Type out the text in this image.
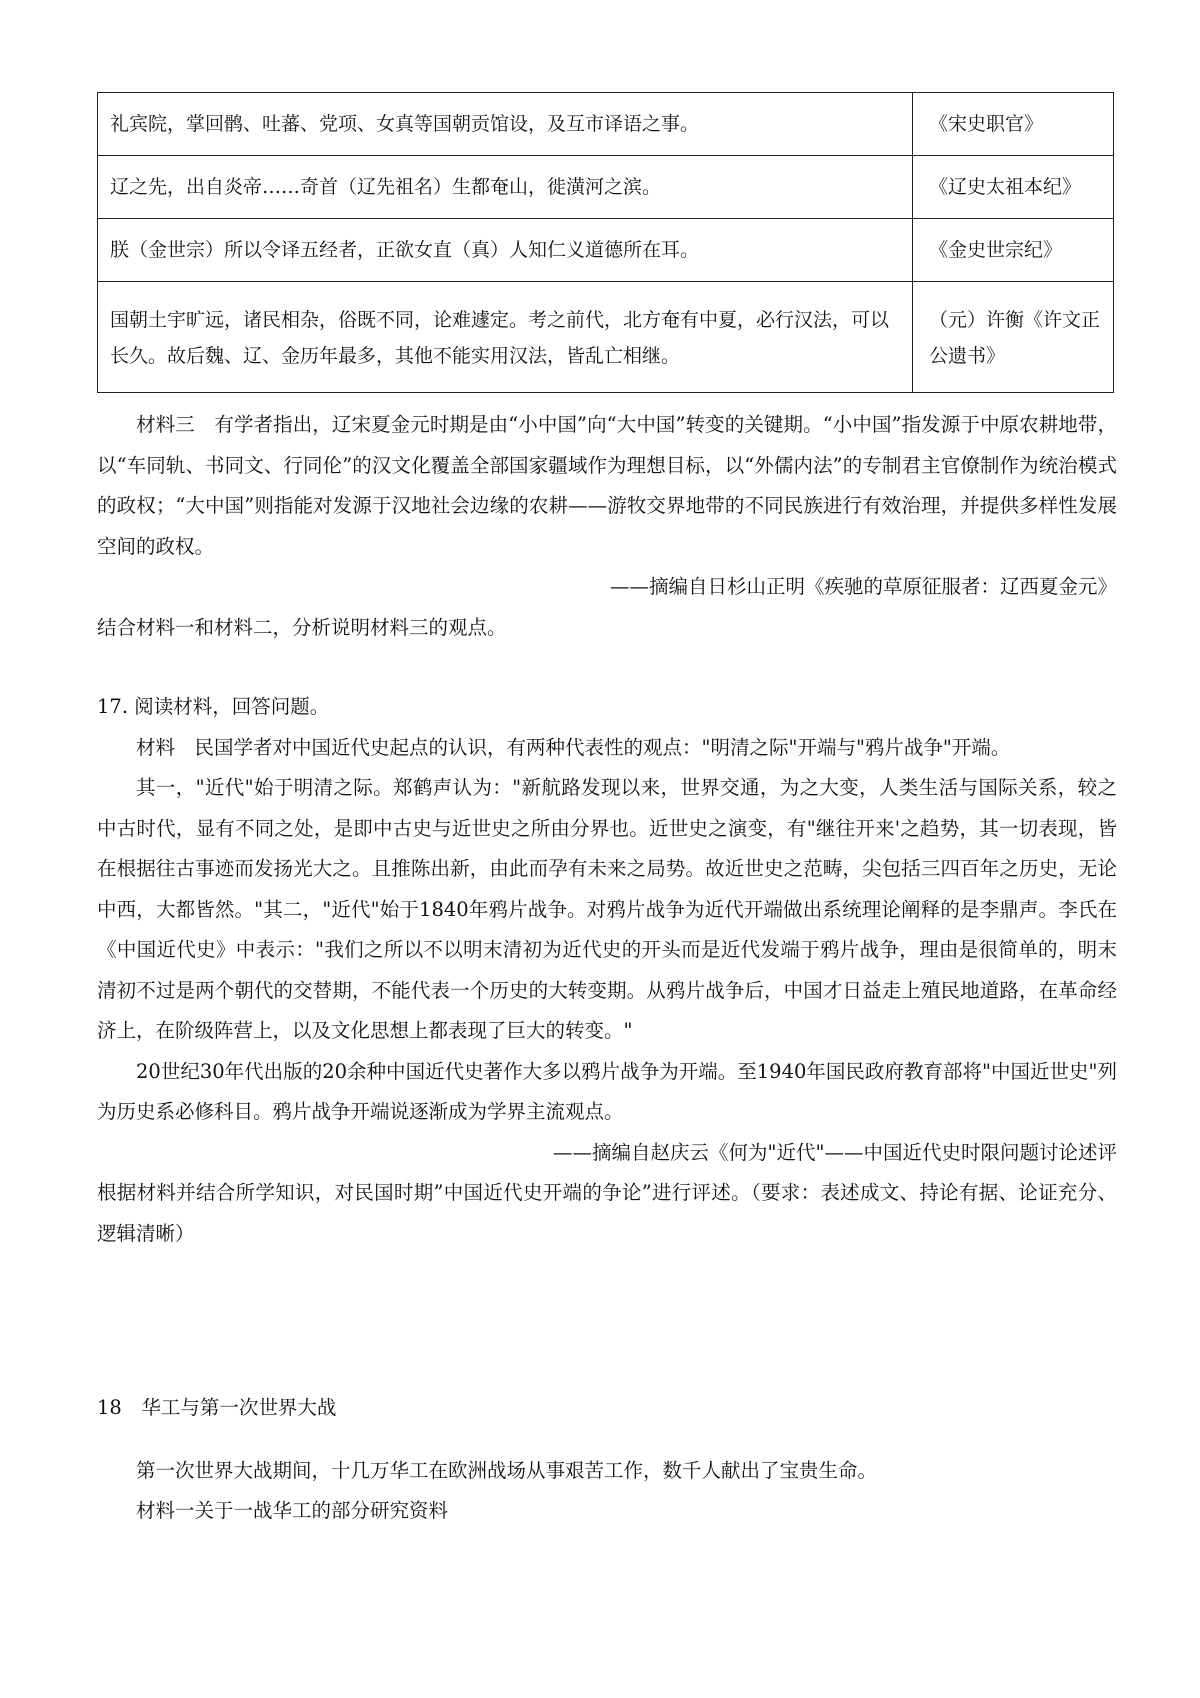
礼宾院，掌回鹘、吐蕃、党项、女真等国朝贡馆设，及互市译语之事。	《宋史职官》
辽之先，出自炎帝……奇首（辽先祖名）生都奄山，徙潢河之滨。	《辽史太祖本纪》
朕（金世宗）所以令译五经者，正欲女直（真）人知仁义道德所在耳。	《金史世宗纪》
国朝土宇旷远，诸民相杂，俗既不同，论难遽定。考之前代，北方奄有中夏，必行汉法，可以长久。故后魏、辽、金历年最多，其他不能实用汉法，皆乱亡相继。	（元）许衡《许文正公遗书》

材料三　有学者指出，辽宋夏金元时期是由“小中国”向“大中国”转变的关键期。“小中国”指发源于中原农耕地带，以“车同轨、书同文、行同伦”的汉文化覆盖全部国家疆域作为理想目标，以“外儒内法”的专制君主官僚制作为统治模式的政权；“大中国”则指能对发源于汉地社会边缘的农耕——游牧交界地带的不同民族进行有效治理，并提供多样性发展空间的政权。

——摘编自日杉山正明《疾驰的草原征服者：辽西夏金元》

结合材料一和材料二，分析说明材料三的观点。

17. 阅读材料，回答问题。

材料　民国学者对中国近代史起点的认识，有两种代表性的观点："明清之际"开端与"鸦片战争"开端。

其一，"近代"始于明清之际。郑鹤声认为："新航路发现以来，世界交通，为之大变，人类生活与国际关系，较之中古时代，显有不同之处，是即中古史与近世史之所由分界也。近世史之演变，有"继往开来'之趋势，其一切表现，皆在根据往古事迹而发扬光大之。且推陈出新，由此而孕有未来之局势。故近世史之范畴，尖包括三四百年之历史，无论中西，大都皆然。"其二，"近代"始于1840年鸦片战争。对鸦片战争为近代开端做出系统理论阐释的是李鼎声。李氏在《中国近代史》中表示："我们之所以不以明末清初为近代史的开头而是近代发端于鸦片战争，理由是很简单的，明末清初不过是两个朝代的交替期，不能代表一个历史的大转变期。从鸦片战争后，中国才日益走上殖民地道路，在革命经济上，在阶级阵营上，以及文化思想上都表现了巨大的转变。"

20世纪30年代出版的20余种中国近代史著作大多以鸦片战争为开端。至1940年国民政府教育部将"中国近世史"列为历史系必修科目。鸦片战争开端说逐渐成为学界主流观点。

——摘编自赵庆云《何为"近代"——中国近代史时限问题讨论述评

根据材料并结合所学知识，对民国时期”中国近代史开端的争论”进行评述。（要求：表述成文、持论有据、论证充分、逻辑清晰）

18　华工与第一次世界大战

第一次世界大战期间，十几万华工在欧洲战场从事艰苦工作，数千人献出了宝贵生命。

材料一关于一战华工的部分研究资料
